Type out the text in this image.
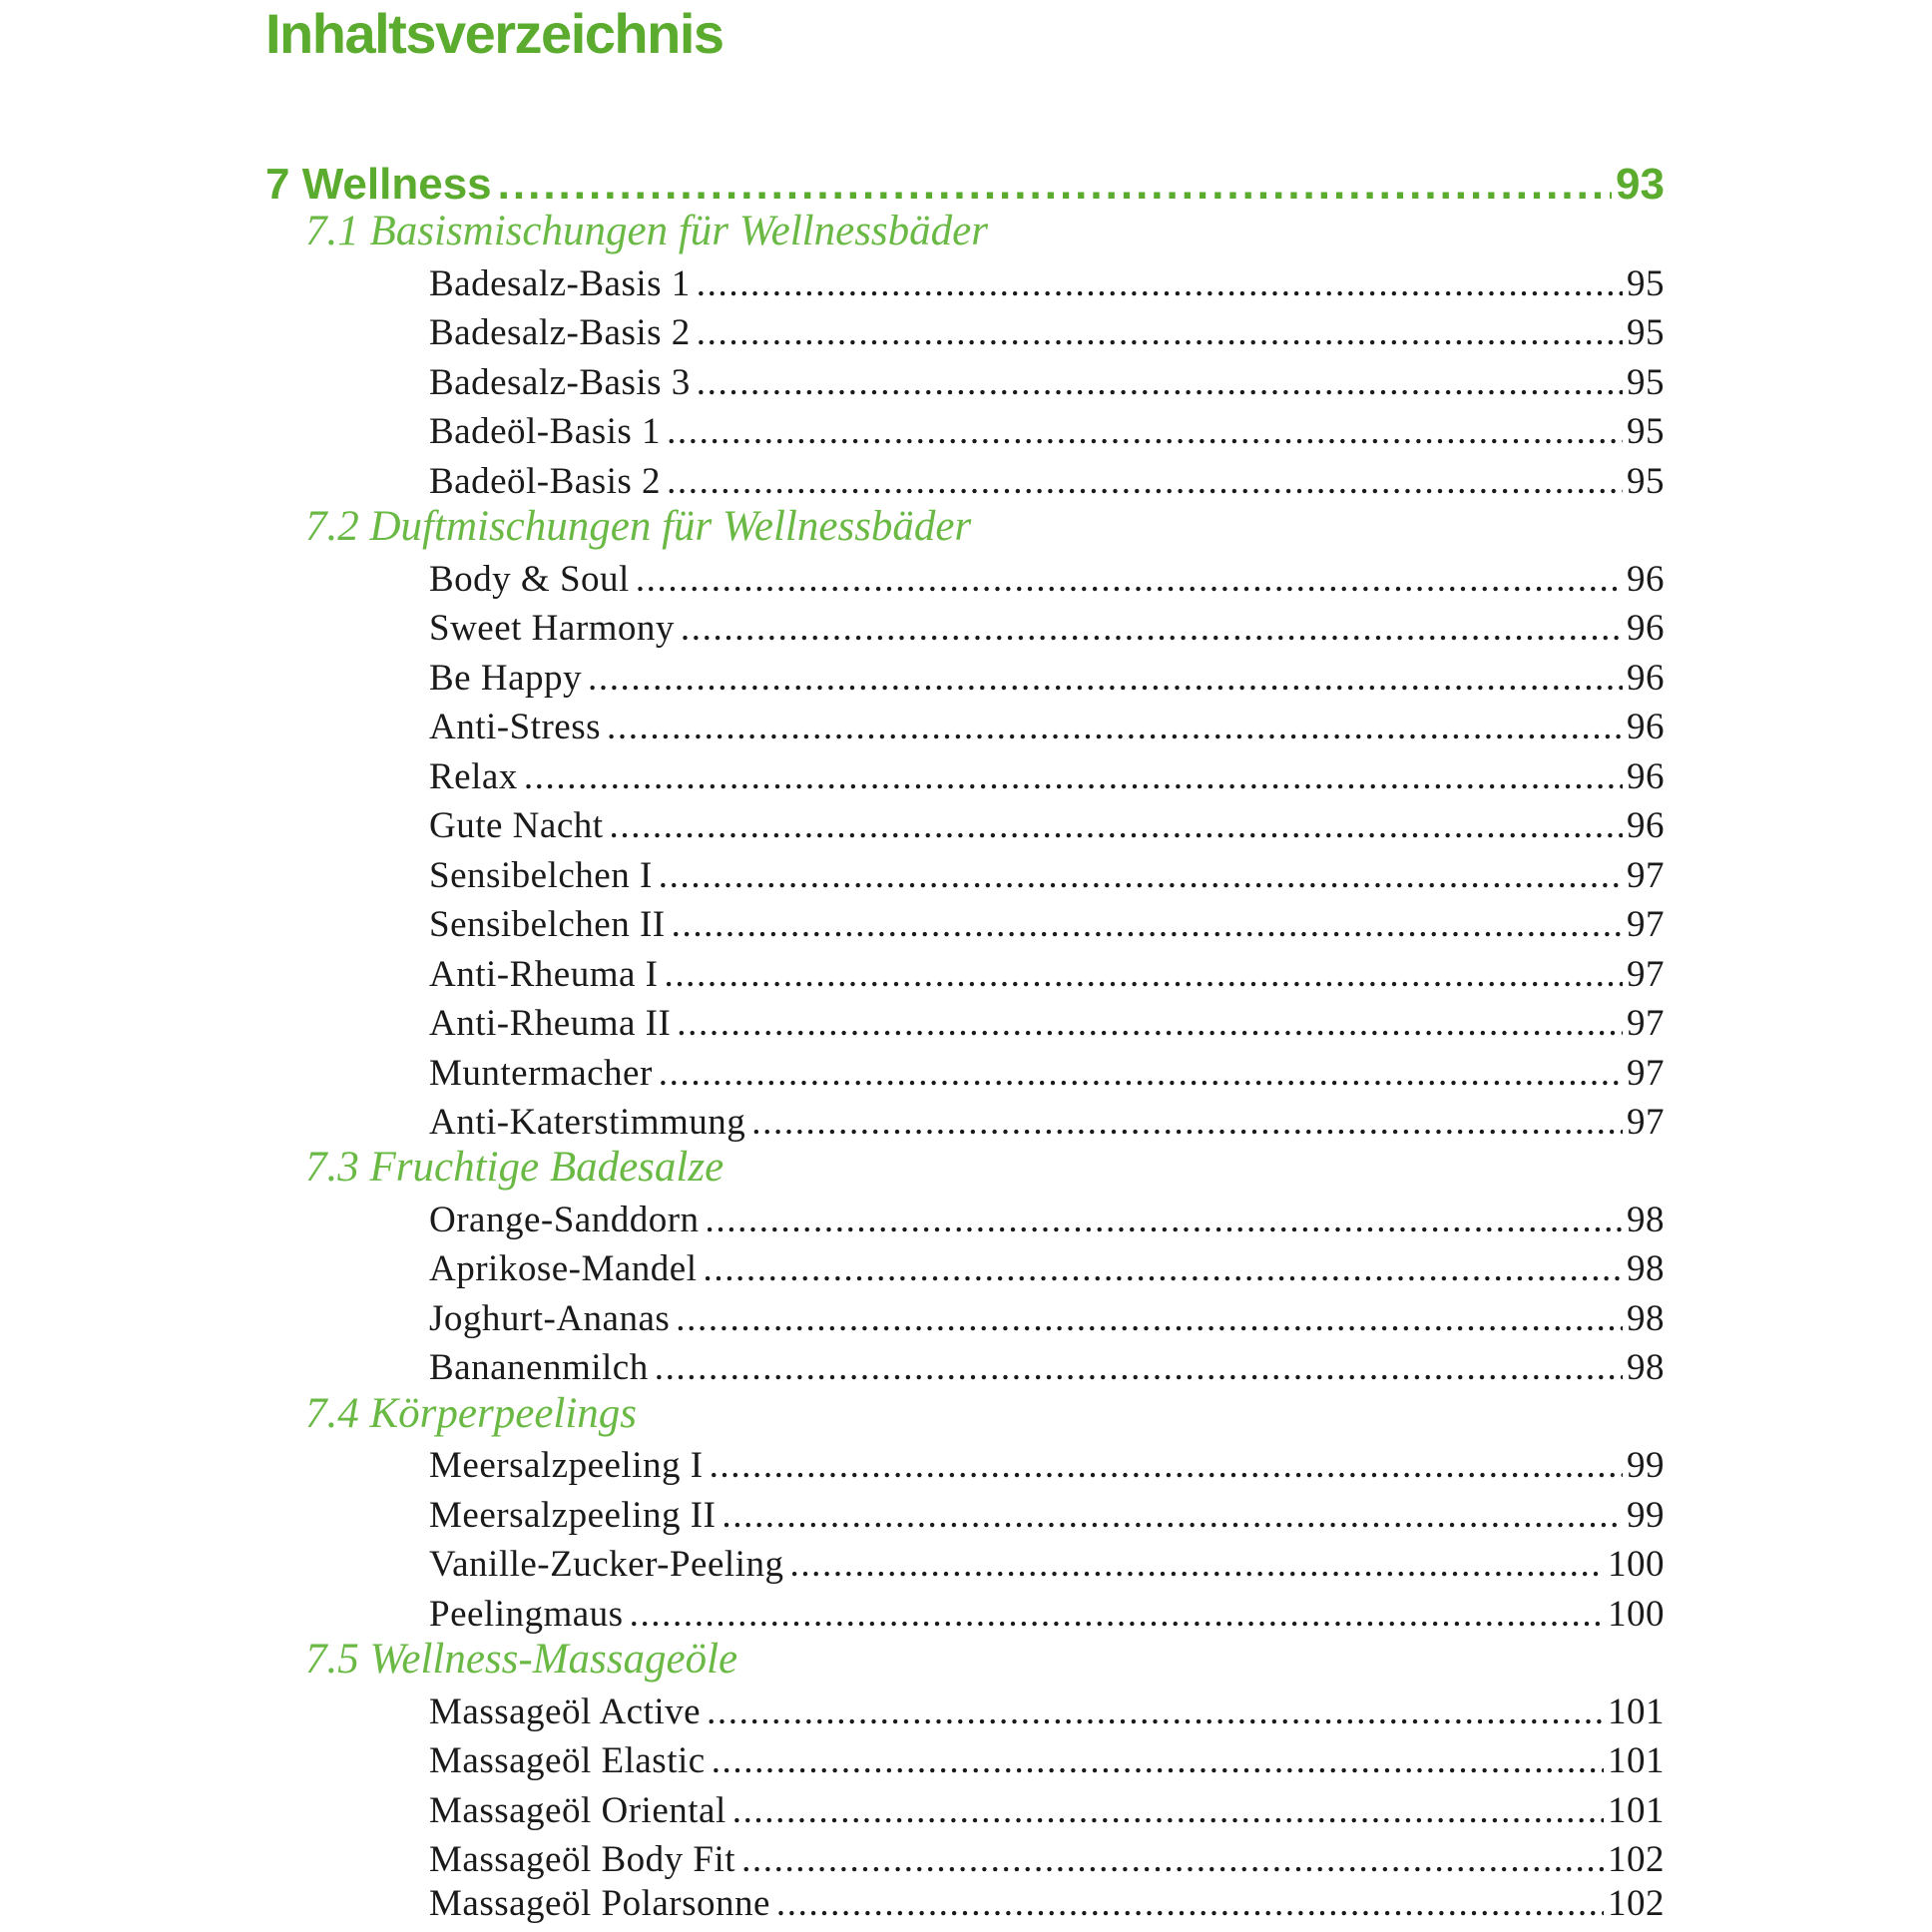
Inhaltsverzeichnis
7 Wellness .....	93
7.1 Basismischungen für Wellnessbäder
Badesalz-Basis 1 .....	95
Badesalz-Basis 2 .....	95
Badesalz-Basis 3 .....	95
Badeöl-Basis 1 .....	95
Badeöl-Basis 2 .....	95
7.2 Duftmischungen für Wellnessbäder
Body & Soul .....	96
Sweet Harmony .....	96
Be Happy .....	96
Anti-Stress .....	96
Relax .....	96
Gute Nacht .....	96
Sensibelchen I .....	97
Sensibelchen II .....	97
Anti-Rheuma I .....	97
Anti-Rheuma II .....	97
Muntermacher .....	97
Anti-Katerstimmung .....	97
7.3 Fruchtige Badesalze
Orange-Sanddorn .....	98
Aprikose-Mandel .....	98
Joghurt-Ananas .....	98
Bananenmilch .....	98
7.4 Körperpeelings
Meersalzpeeling I .....	99
Meersalzpeeling II .....	99
Vanille-Zucker-Peeling .....	100
Peelingmaus .....	100
7.5 Wellness-Massageöle
Massageöl Active .....	101
Massageöl Elastic .....	101
Massageöl Oriental .....	101
Massageöl Body Fit .....	102
Massageöl Polarsonne .....	102
